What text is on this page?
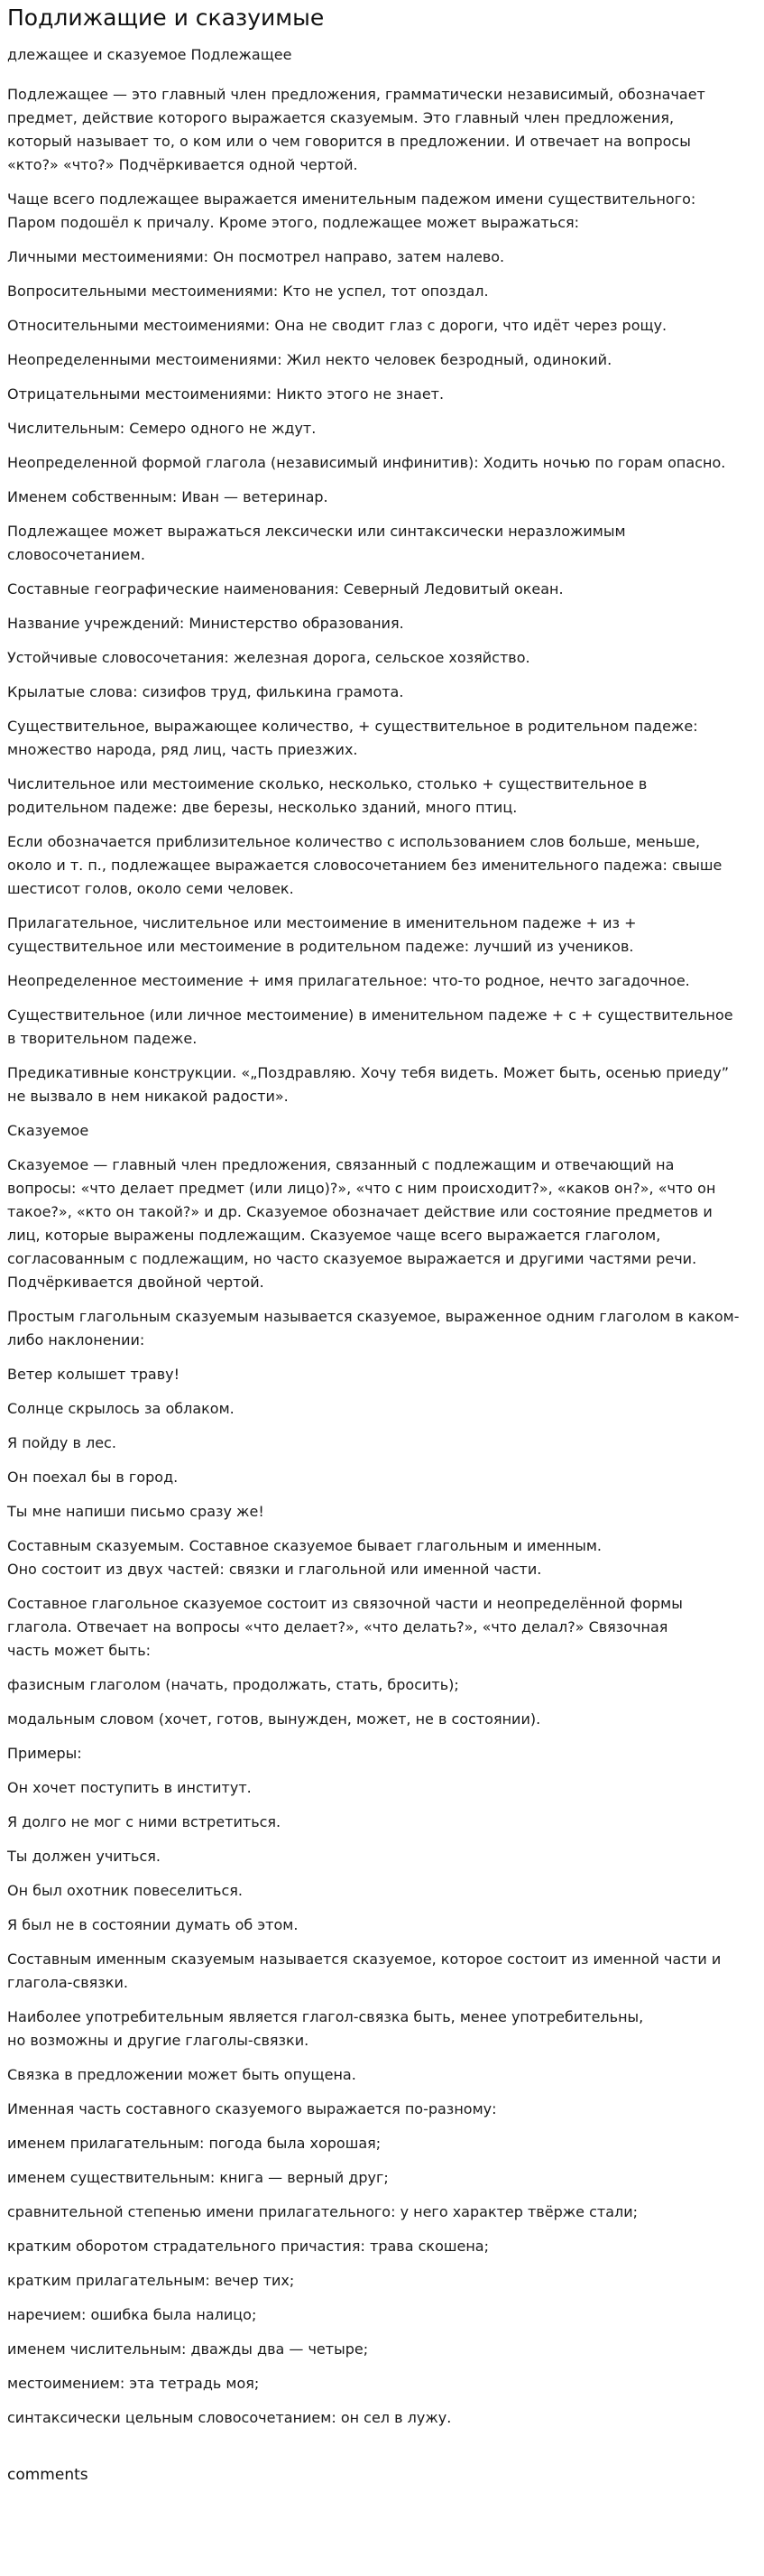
Подлижащие и сказуимые
длежащее и сказуемое Подлежащее

Подлежащее — это главный член предложения, грамматически независимый, обозначает предмет, действие которого выражается сказуемым. Это главный член предложения, который называет то, о ком или о чем говорится в предложении. И отвечает на вопросы «кто?» «что?» Подчёркивается одной чертой.

Чаще всего подлежащее выражается именительным падежом имени существительного: Паром подошёл к причалу. Кроме этого, подлежащее может выражаться:

Личными местоимениями: Он посмотрел направо, затем налево.

Вопросительными местоимениями: Кто не успел, тот опоздал.

Относительными местоимениями: Она не сводит глаз с дороги, что идёт через рощу.

Неопределенными местоимениями: Жил некто человек безродный, одинокий.

Отрицательными местоимениями: Никто этого не знает.

Числительным: Семеро одного не ждут.

Неопределенной формой глагола (независимый инфинитив): Ходить ночью по горам опасно.

Именем собственным: Иван — ветеринар.

Подлежащее может выражаться лексически или синтаксически неразложимым словосочетанием.

Составные географические наименования: Северный Ледовитый океан.

Название учреждений: Министерство образования.

Устойчивые словосочетания: железная дорога, сельское хозяйство.

Крылатые слова: сизифов труд, филькина грамота.

Существительное, выражающее количество, + существительное в родительном падеже: множество народа, ряд лиц, часть приезжих.

Числительное или местоимение сколько, несколько, столько + существительное в родительном падеже: две березы, несколько зданий, много птиц.

Если обозначается приблизительное количество с использованием слов больше, меньше, около и т. п., подлежащее выражается словосочетанием без именительного падежа: свыше шестисот голов, около семи человек.

Прилагательное, числительное или местоимение в именительном падеже + из + существительное или местоимение в родительном падеже: лучший из учеников.

Неопределенное местоимение + имя прилагательное: что-то родное, нечто загадочное.

Существительное (или личное местоимение) в именительном падеже + с + существительное в творительном падеже.

Предикативные конструкции. «„Поздравляю. Хочу тебя видеть. Может быть, осенью приеду” не вызвало в нем никакой радости».

Сказуемое

Сказуемое — главный член предложения, связанный с подлежащим и отвечающий на вопросы: «что делает предмет (или лицо)?», «что с ним происходит?», «каков он?», «что он такое?», «кто он такой?» и др. Сказуемое обозначает действие или состояние предметов и лиц, которые выражены подлежащим. Сказуемое чаще всего выражается глаголом, согласованным с подлежащим, но часто сказуемое выражается и другими частями речи. Подчёркивается двойной чертой.

Простым глагольным сказуемым называется сказуемое, выраженное одним глаголом в каком-либо наклонении:

Ветер колышет траву!

Солнце скрылось за облаком.

Я пойду в лес.

Он поехал бы в город.

Ты мне напиши письмо сразу же!

Составным сказуемым. Составное сказуемое бывает глагольным и именным.
Оно состоит из двух частей: связки и глагольной или именной части.

Составное глагольное сказуемое состоит из связочной части и неопределённой формы глагола. Отвечает на вопросы «что делает?», «что делать?», «что делал?» Связочная
часть может быть:

фазисным глаголом (начать, продолжать, стать, бросить);

модальным словом (хочет, готов, вынужден, может, не в состоянии).

Примеры:

Он хочет поступить в институт.

Я долго не мог с ними встретиться.

Ты должен учиться.

Он был охотник повеселиться.

Я был не в состоянии думать об этом.

Составным именным сказуемым называется сказуемое, которое состоит из именной части и глагола-связки.

Наиболее употребительным является глагол-связка быть, менее употребительны,
но возможны и другие глаголы-связки.

Связка в предложении может быть опущена.

Именная часть составного сказуемого выражается по-разному:

именем прилагательным: погода была хорошая;

именем существительным: книга — верный друг;

сравнительной степенью имени прилагательного: у него характер твёрже стали;

кратким оборотом страдательного причастия: трава скошена;

кратким прилагательным: вечер тих;

наречием: ошибка была налицо;

именем числительным: дважды два — четыре;

местоимением: эта тетрадь моя;

синтаксически цельным словосочетанием: он сел в лужу.

comments
